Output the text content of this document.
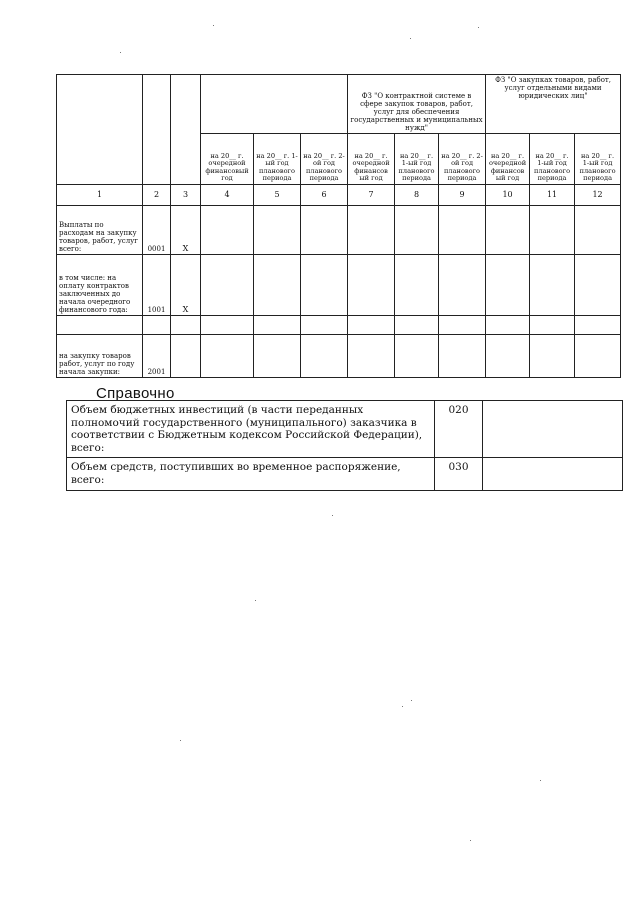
						ФЗ "О контрактной системе в сфере закупок товаров, работ, услуг для обеспечения государственных и муниципальных нужд"			ФЗ "О закупках товаров, работ, услуг отдельными видами юридических лиц"		
			на 20__ г. очередной финансовый год	на 20__ г. 1-ый год планового периода	на 20__ г. 2-ой год планового периода	на 20__ г. очередной финансов ый год	на 20__ г. 1-ый год планового периода	на 20__ г. 2-ой год планового периода	на 20__ г. очередной финансов ый год	на 20__ г. 1-ый год планового периода	на 20__ г. 1-ый год планового периода
1	2	3	4	5	6	7	8	9	10	11	12
Выплаты по расходам на закупку товаров, работ, услуг всего:	0001	X									
в том числе: на оплату контрактов заключенных до начала очередного финансового года:	1001	X									

на закупку товаров работ, услуг по году начала закупки:	2001										
Справочно
Объем бюджетных инвестиций (в части переданных полномочий государственного (муниципального) заказчика в соответствии с Бюджетным кодексом Российской Федерации), всего:	020	
Объем средств, поступивших во временное распоряжение, всего:	030	
